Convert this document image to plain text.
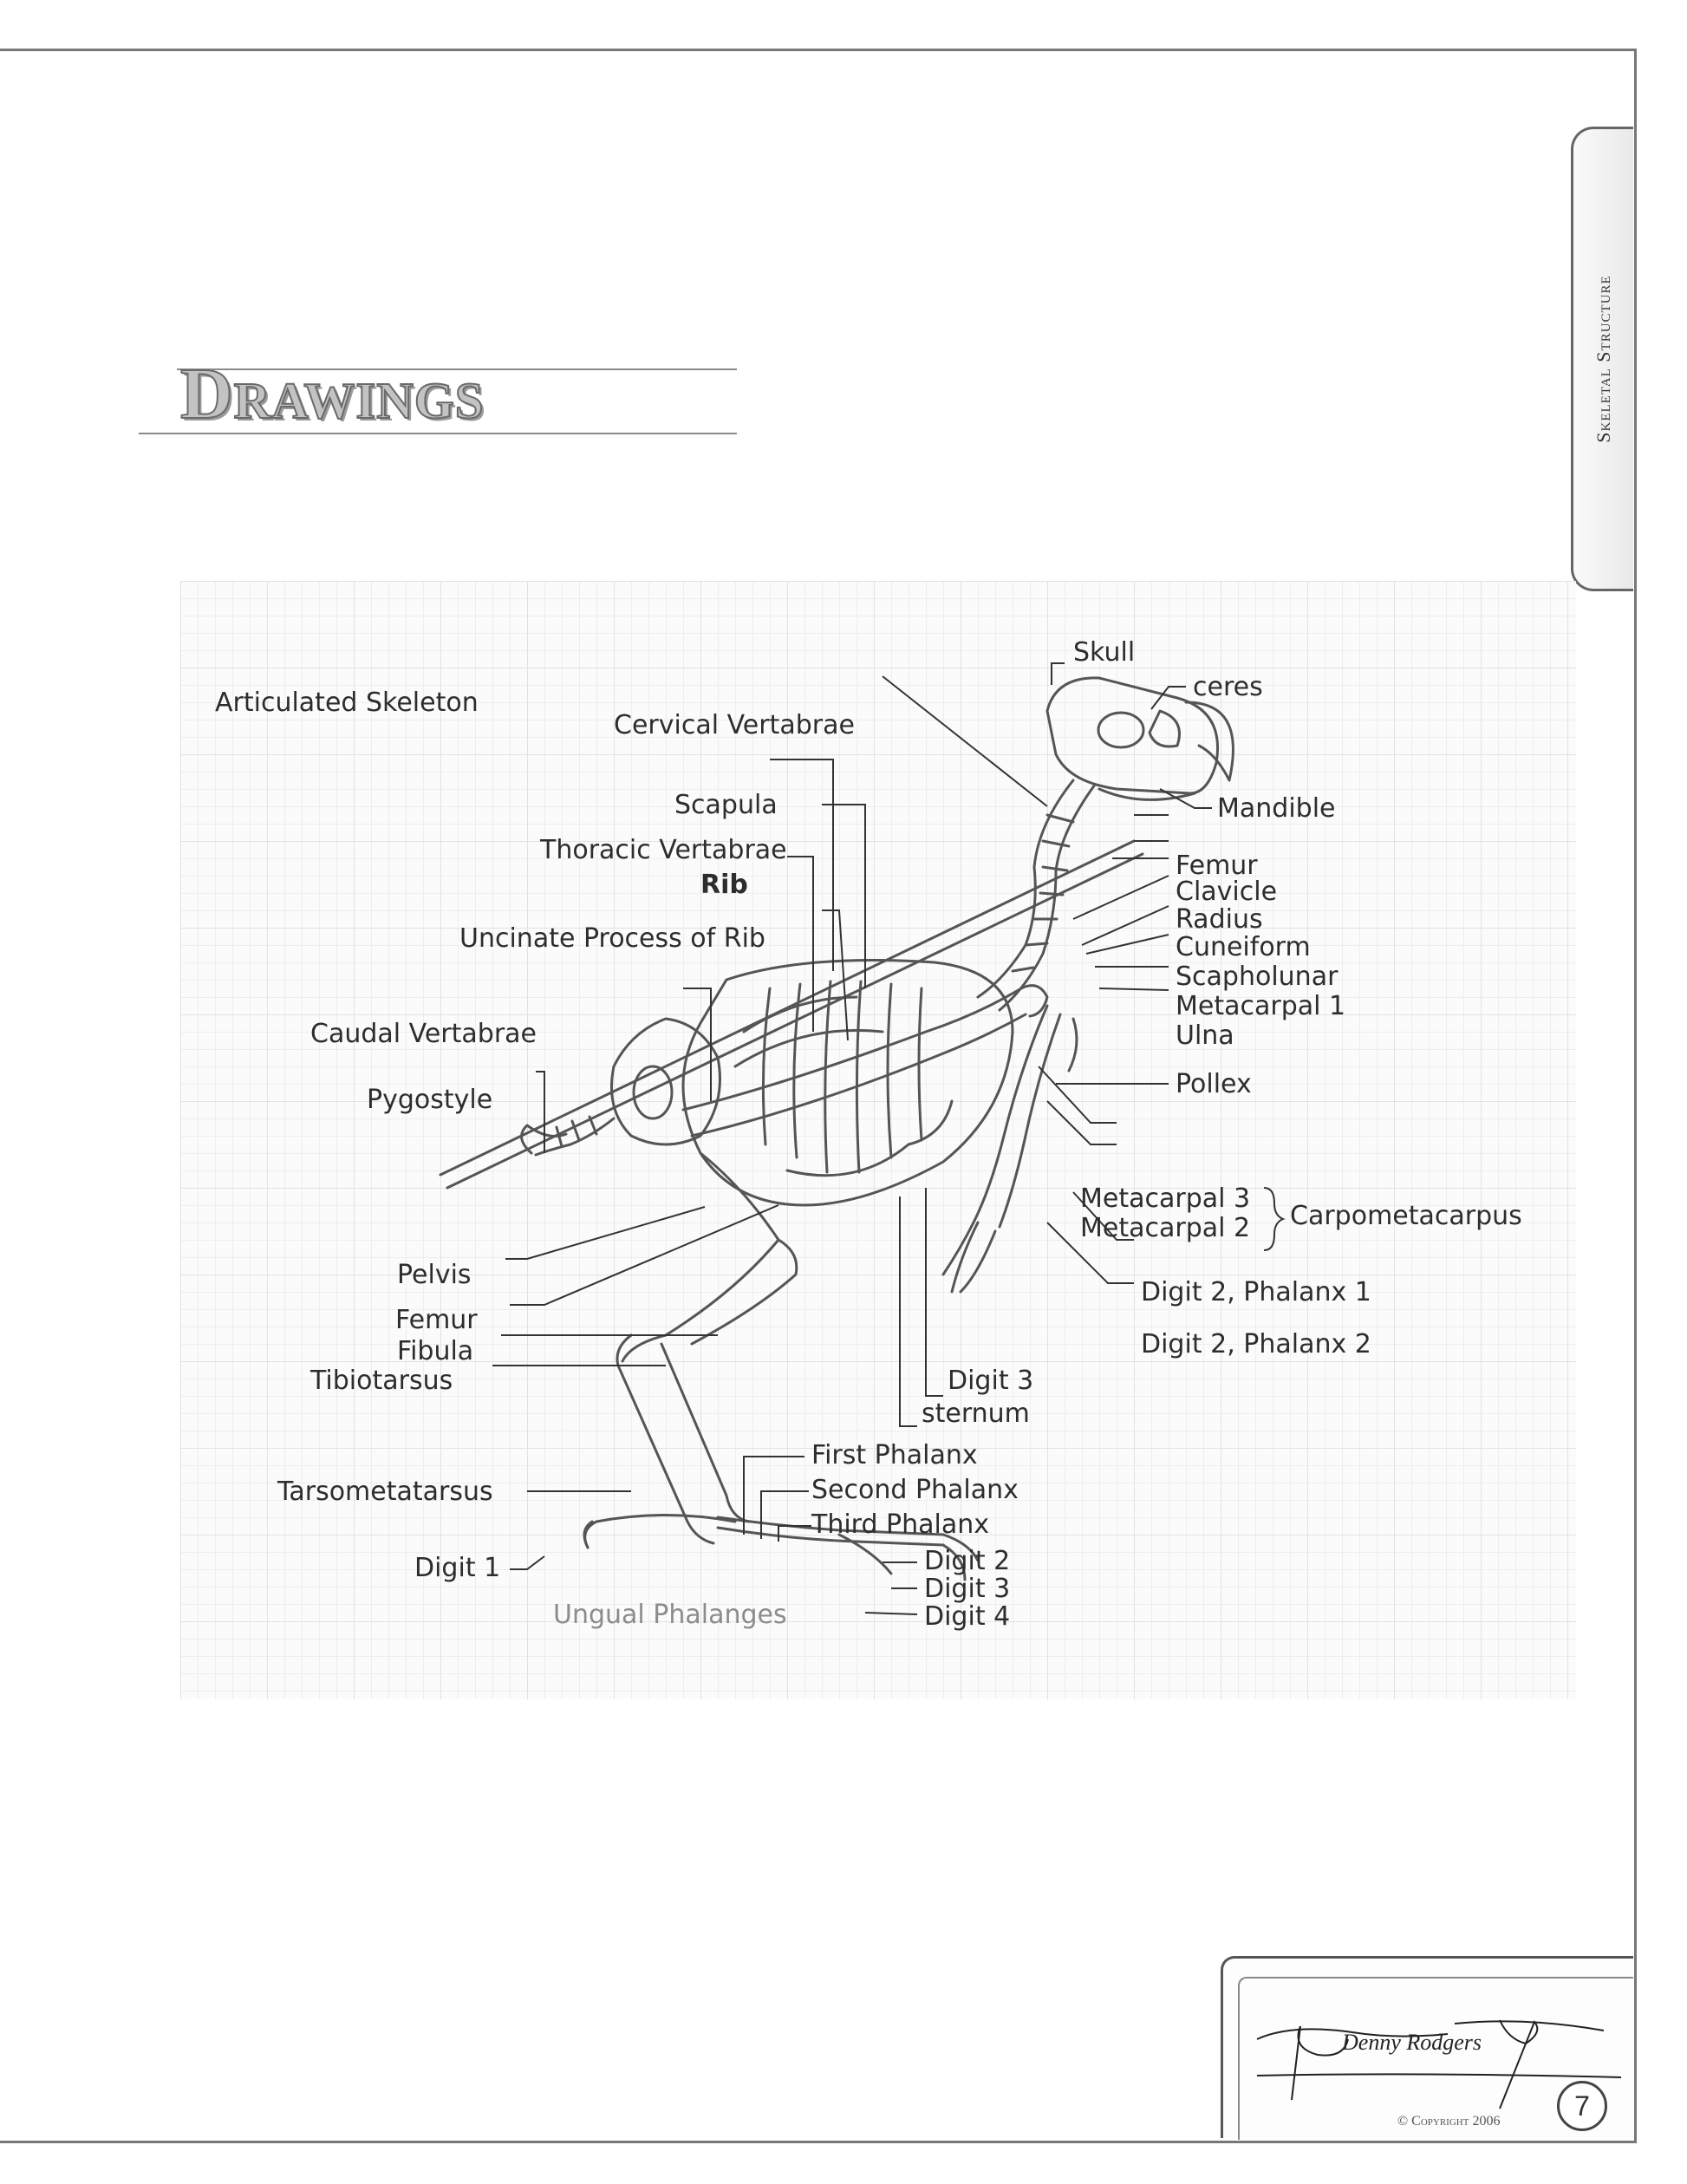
Skeletal Structure
Drawings
Articulated Skeleton
Skull
ceres
Cervical Vertabrae
Mandible
Scapula
Thoracic Vertabrae
Rib
Uncinate Process of Rib
Femur
Clavicle
Radius
Cuneiform
Scapholunar
Metacarpal 1
Ulna
Pollex
Caudal Vertabrae
Pygostyle
Metacarpal 3
Metacarpal 2 Carpometacarpus
Pelvis
Femur
Fibula
Tibiotarsus
Digit 2, Phalanx 1
Digit 2, Phalanx 2
Digit 3
sternum
First Phalanx
Second Phalanx
Third Phalanx
Tarsometatarsus
Digit 1	Digit 2
Digit 3
Digit 4
Ungual Phalanges
Denny Rodgers
© Copyright 2006	7
